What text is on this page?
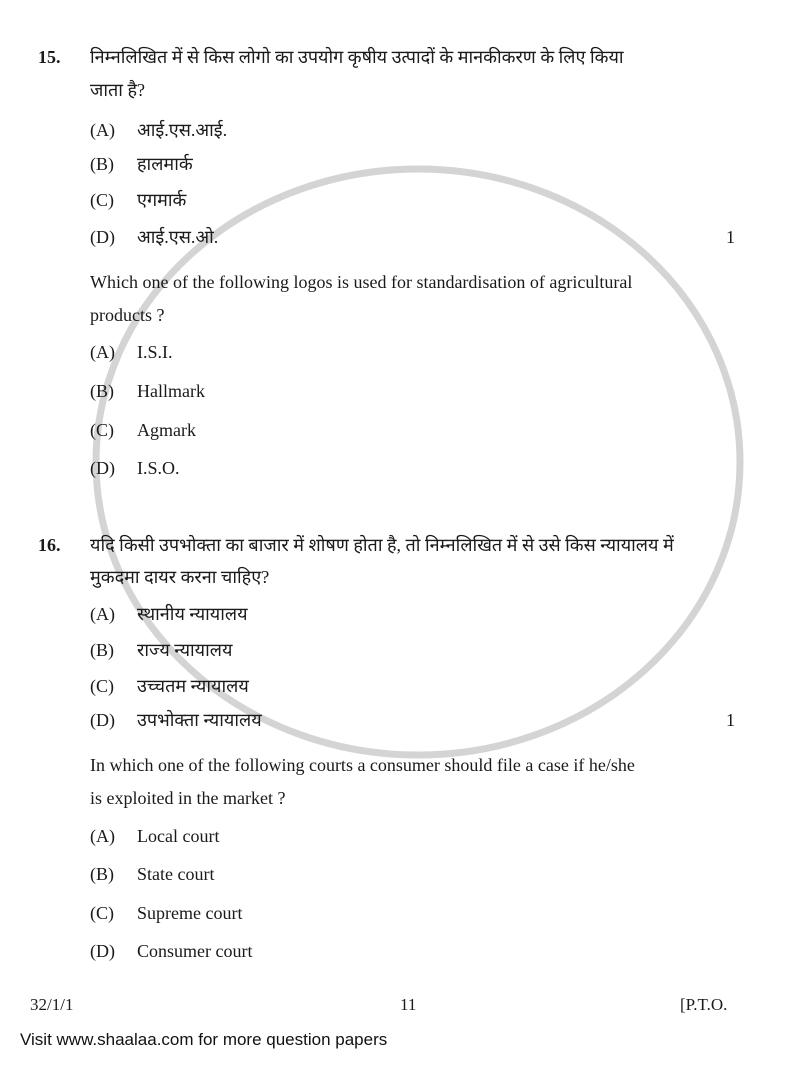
15. निम्नलिखित में से किस लोगो का उपयोग कृषीय उत्पादों के मानकीकरण के लिए किया
जाता है?
(A) आई.एस.आई.
(B) हालमार्क
(C) एगमार्क
(D) आई.एस.ओ.	1
Which one of the following logos is used for standardisation of agricultural
products ?
(A) I.S.I.
(B) Hallmark
(C) Agmark
(D) I.S.O.
16. यदि किसी उपभोक्ता का बाजार में शोषण होता है, तो निम्नलिखित में से उसे किस न्यायालय में
मुकदमा दायर करना चाहिए?
(A) स्थानीय न्यायालय
(B) राज्य न्यायालय
(C) उच्चतम न्यायालय
(D) उपभोक्ता न्यायालय	1
In which one of the following courts a consumer should file a case if he/she
is exploited in the market ?
(A) Local court
(B) State court
(C) Supreme court
(D) Consumer court
32/1/1	11	[P.T.O.
Visit www.shaalaa.com for more question papers
